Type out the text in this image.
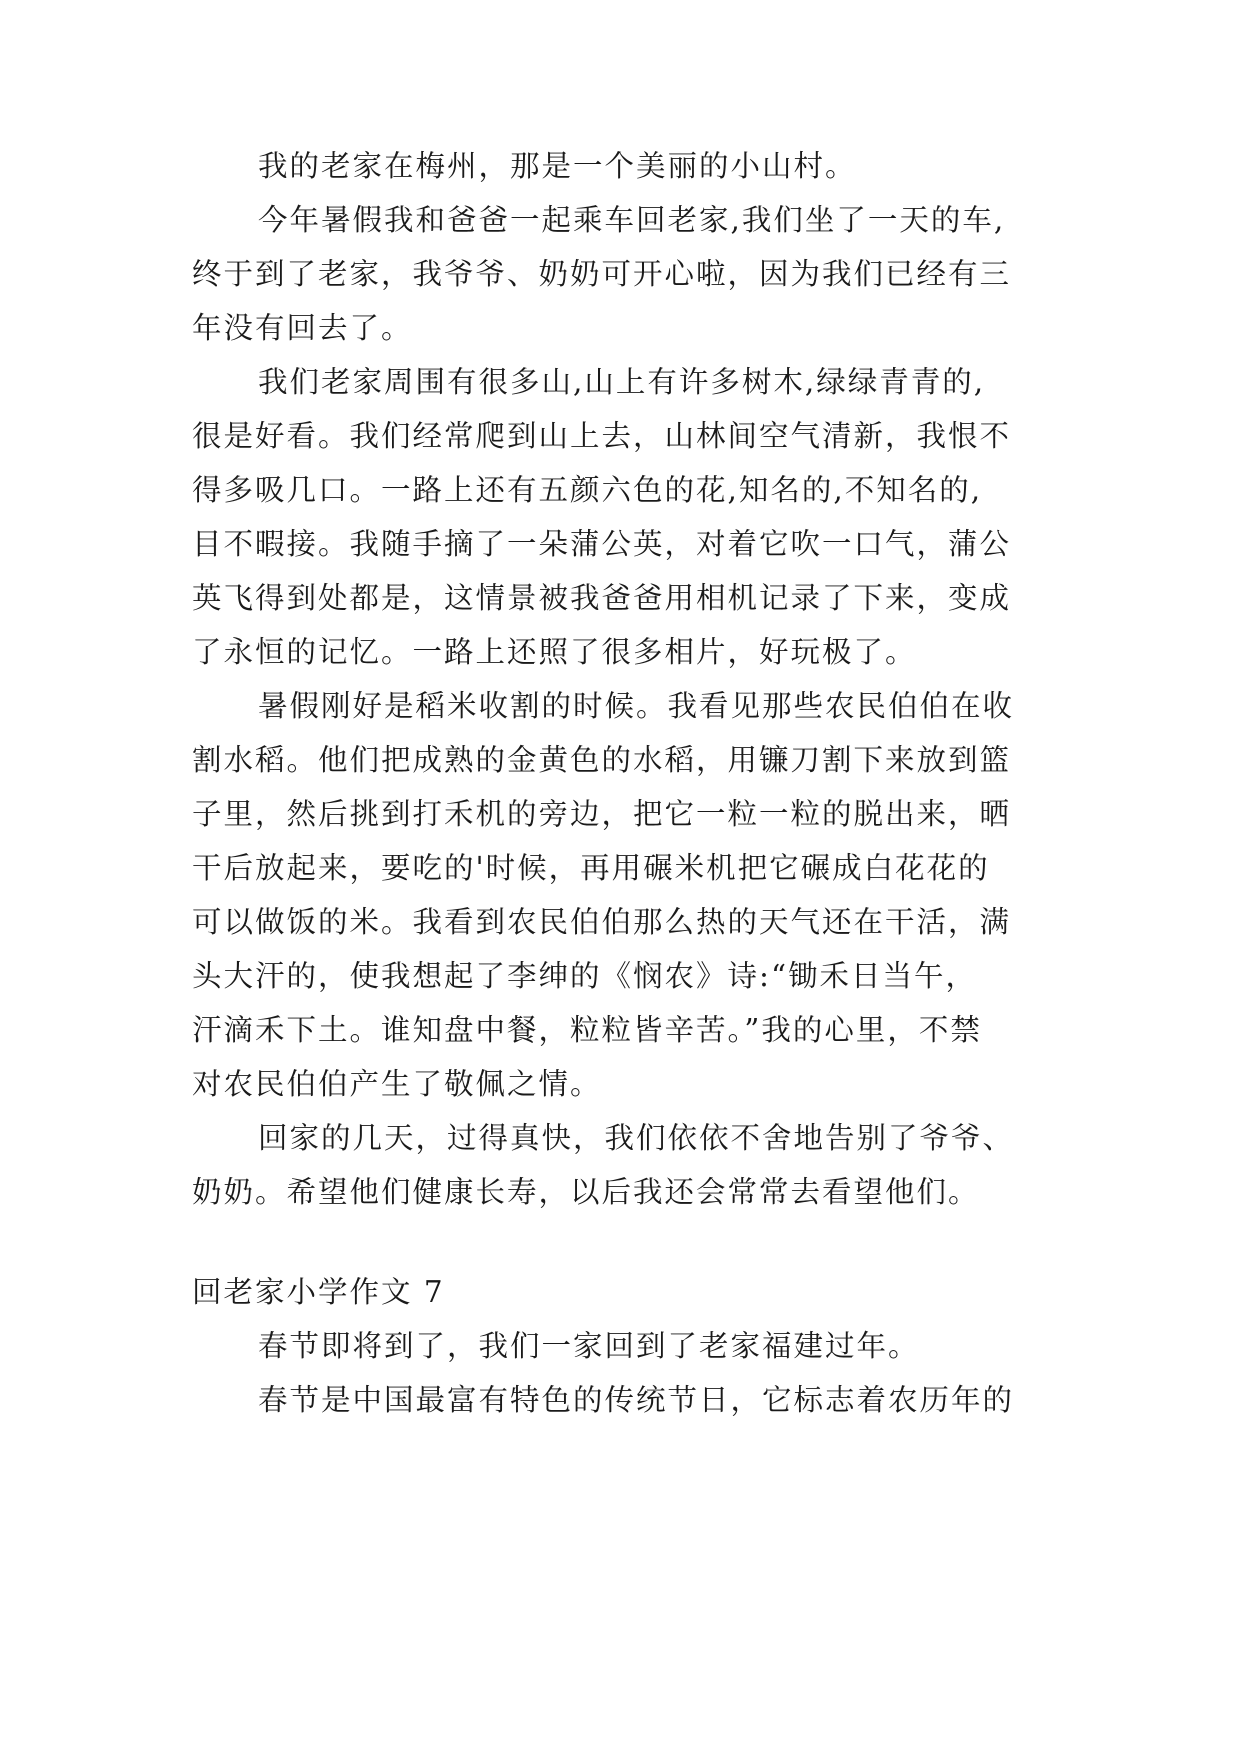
我的老家在梅州，那是一个美丽的小山村。
今年暑假我和爸爸一起乘车回老家,我们坐了一天的车,
终于到了老家，我爷爷、奶奶可开心啦，因为我们已经有三
年没有回去了。
我们老家周围有很多山,山上有许多树木,绿绿青青的,
很是好看。我们经常爬到山上去，山林间空气清新，我恨不
得多吸几口。一路上还有五颜六色的花,知名的,不知名的,
目不暇接。我随手摘了一朵蒲公英，对着它吹一口气，蒲公
英飞得到处都是，这情景被我爸爸用相机记录了下来，变成
了永恒的记忆。一路上还照了很多相片，好玩极了。
暑假刚好是稻米收割的时候。我看见那些农民伯伯在收
割水稻。他们把成熟的金黄色的水稻，用镰刀割下来放到篮
子里，然后挑到打禾机的旁边，把它一粒一粒的脱出来，晒
干后放起来，要吃的'时候，再用碾米机把它碾成白花花的
可以做饭的米。我看到农民伯伯那么热的天气还在干活，满
头大汗的，使我想起了李绅的《悯农》诗:“锄禾日当午，
汗滴禾下土。谁知盘中餐，粒粒皆辛苦。”我的心里，不禁
对农民伯伯产生了敬佩之情。
回家的几天，过得真快，我们依依不舍地告别了爷爷、
奶奶。希望他们健康长寿，以后我还会常常去看望他们。
回老家小学作文 7
春节即将到了，我们一家回到了老家福建过年。
春节是中国最富有特色的传统节日，它标志着农历年的
